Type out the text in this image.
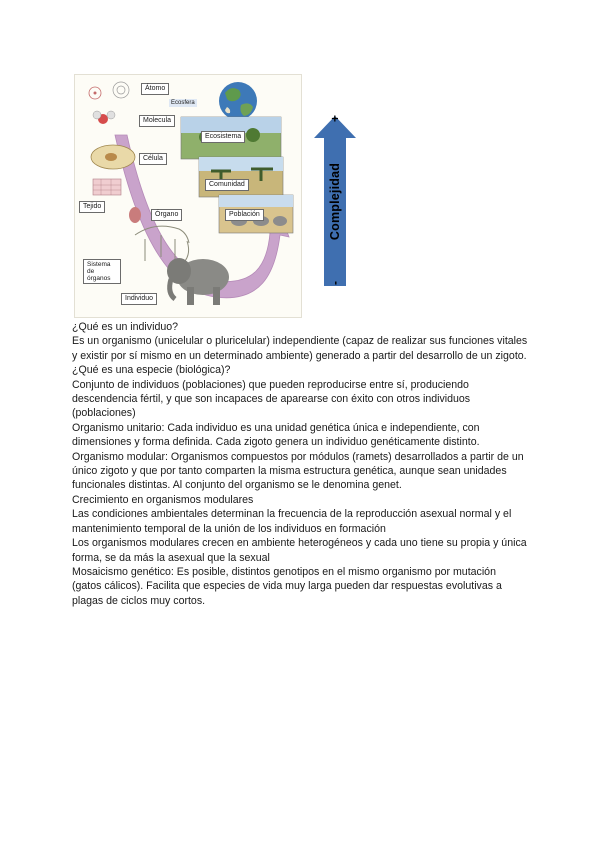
Átomo
Ecosfera
Molecula
Ecosistema
Célula
Comunidad
Tejido
Órgano	Población
Sistema de órganos
Individuo
-
Complejidad
+

¿Qué es un individuo?

Es un organismo (unicelular o pluricelular) independiente (capaz de realizar sus funciones vitales y existir por sí mismo en un determinado ambiente) generado a partir del desarrollo de un zigoto.

¿Qué es una especie (biológica)?

Conjunto de individuos (poblaciones) que pueden reproducirse entre sí, produciendo descendencia fértil, y que son incapaces de aparearse con éxito con otros individuos (poblaciones)

Organismo unitario: Cada individuo es una unidad genética única e independiente, con dimensiones y forma definida. Cada zigoto genera un individuo genéticamente distinto.

Organismo modular: Organismos compuestos por módulos (ramets) desarrollados a partir de un único zigoto y que por tanto comparten la misma estructura genética, aunque sean unidades funcionales distintas. Al conjunto del organismo se le denomina genet.

Crecimiento en organismos modulares

Las condiciones ambientales determinan la frecuencia de la reproducción asexual normal y el mantenimiento temporal de la unión de los individuos en formación

Los organismos modulares crecen en ambiente heterogéneos y cada uno tiene su propia y única forma, se da más la asexual que la sexual

Mosaicismo genético: Es posible, distintos genotipos en el mismo organismo por mutación (gatos cálicos). Facilita que especies de vida muy larga pueden dar respuestas evolutivas a plagas de ciclos muy cortos.
